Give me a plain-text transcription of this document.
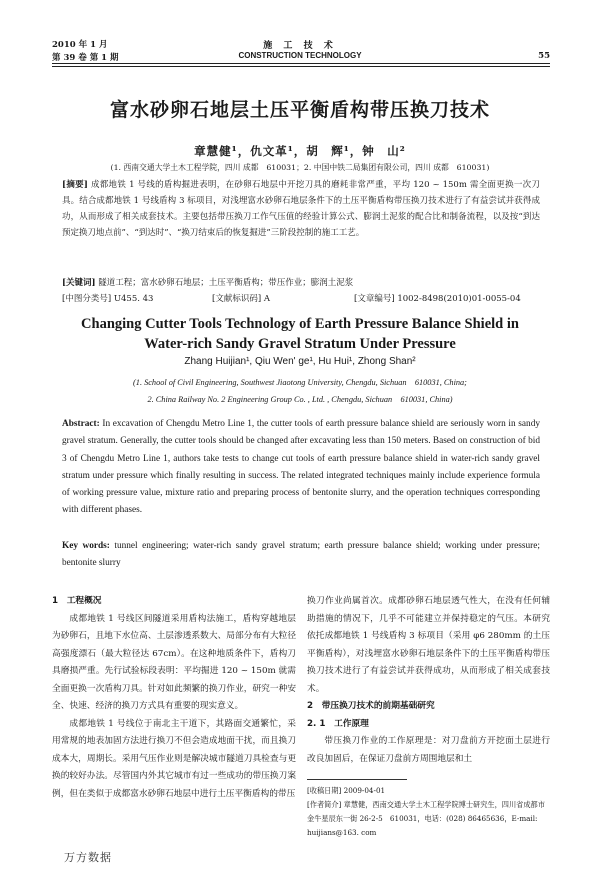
2010 年 1 月
第 39 卷 第 1 期
施 工 技 术
CONSTRUCTION TECHNOLOGY	55
富水砂卵石地层土压平衡盾构带压换刀技术
章慧健¹，仇文革¹，胡　辉¹，钟　山²
(1. 西南交通大学土木工程学院，四川 成都　610031；2. 中国中铁二局集团有限公司，四川 成都　610031)
[摘要] 成都地铁 1 号线的盾构掘进表明，在砂卵石地层中开挖刀具的磨耗非常严重，平均 120 ~ 150m 需全面更换一次刀具。结合成都地铁 1 号线盾构 3 标项目，对浅埋富水砂卵石地层条件下的土压平衡盾构带压换刀技术进行了有益尝试并获得成功，从而形成了相关成套技术。主要包括带压换刀工作气压值的经验计算公式、膨润土泥浆的配合比和制备流程，以及按“到达预定换刀地点前”、“到达时”、“换刀结束后的恢复掘进”三阶段控制的施工工艺。
[关键词] 隧道工程；富水砂卵石地层；土压平衡盾构；带压作业；膨润土泥浆
[中图分类号] U455. 43	[文献标识码] A	[文章编号] 1002-8498(2010)01-0055-04
Changing Cutter Tools Technology of Earth Pressure Balance Shield in
Water-rich Sandy Gravel Stratum Under Pressure
Zhang Huijian¹, Qiu Wen' ge¹, Hu Hui¹, Zhong Shan²
(1. School of Civil Engineering, Southwest Jiaotong University, Chengdu, Sichuan　610031, China;
2. China Railway No. 2 Engineering Group Co. , Ltd. , Chengdu, Sichuan　610031, China)
Abstract: In excavation of Chengdu Metro Line 1, the cutter tools of earth pressure balance shield are seriously worn in sandy gravel stratum. Generally, the cutter tools should be changed after excavating less than 150 meters. Based on construction of bid 3 of Chengdu Metro Line 1, authors take tests to change cut tools of earth pressure balance shield in water-rich sandy gravel stratum under pressure which finally resulting in success. The related integrated techniques mainly include experience formula of working pressure value, mixture ratio and preparing process of bentonite slurry, and the operation techniques corresponding with different phases.
Key words: tunnel engineering; water-rich sandy gravel stratum; earth pressure balance shield; working under pressure; bentonite slurry

1　工程概况

成都地铁 1 号线区间隧道采用盾构法施工，盾构穿越地层为砂卵石，且地下水位高、土层渗透系数大、局部分布有大粒径高强度漂石（最大粒径达 67cm）。在这种地质条件下，盾构刀具磨损严重。先行试验标段表明：平均掘进 120 ~ 150m 就需全面更换一次盾构刀具。针对如此频繁的换刀作业，研究一种安全、快速、经济的换刀方式具有重要的现实意义。

成都地铁 1 号线位于南北主干道下，其路面交通繁忙，采用常规的地表加固方法进行换刀不但会造成地面干扰，而且换刀成本大，周期长。采用气压作业则是解决城市隧道刀具检查与更换的较好办法。尽管国内外其它城市有过一些成功的带压换刀案例，但在类似于成都富水砂卵石地层中进行土压平衡盾构的带压

换刀作业尚属首次。成都砂卵石地层透气性大，在没有任何辅助措施的情况下，几乎不可能建立并保持稳定的气压。本研究依托成都地铁 1 号线盾构 3 标项目（采用 φ6 280mm 的土压平衡盾构），对浅埋富水砂卵石地层条件下的土压平衡盾构带压换刀技术进行了有益尝试并获得成功，从而形成了相关成套技术。

2　带压换刀技术的前期基础研究

2. 1　工作原理

带压换刀作业的工作原理是：对刀盘前方开挖面土层进行改良加固后，在保证刀盘前方周围地层和土

[收稿日期] 2009-04-01
[作者简介] 章慧健，西南交通大学土木工程学院博士研究生，四川省成都市金牛星辰东一街 26-2-5　610031，电话：(028) 86465636，E-mail: huijians@163. com
万方数据
